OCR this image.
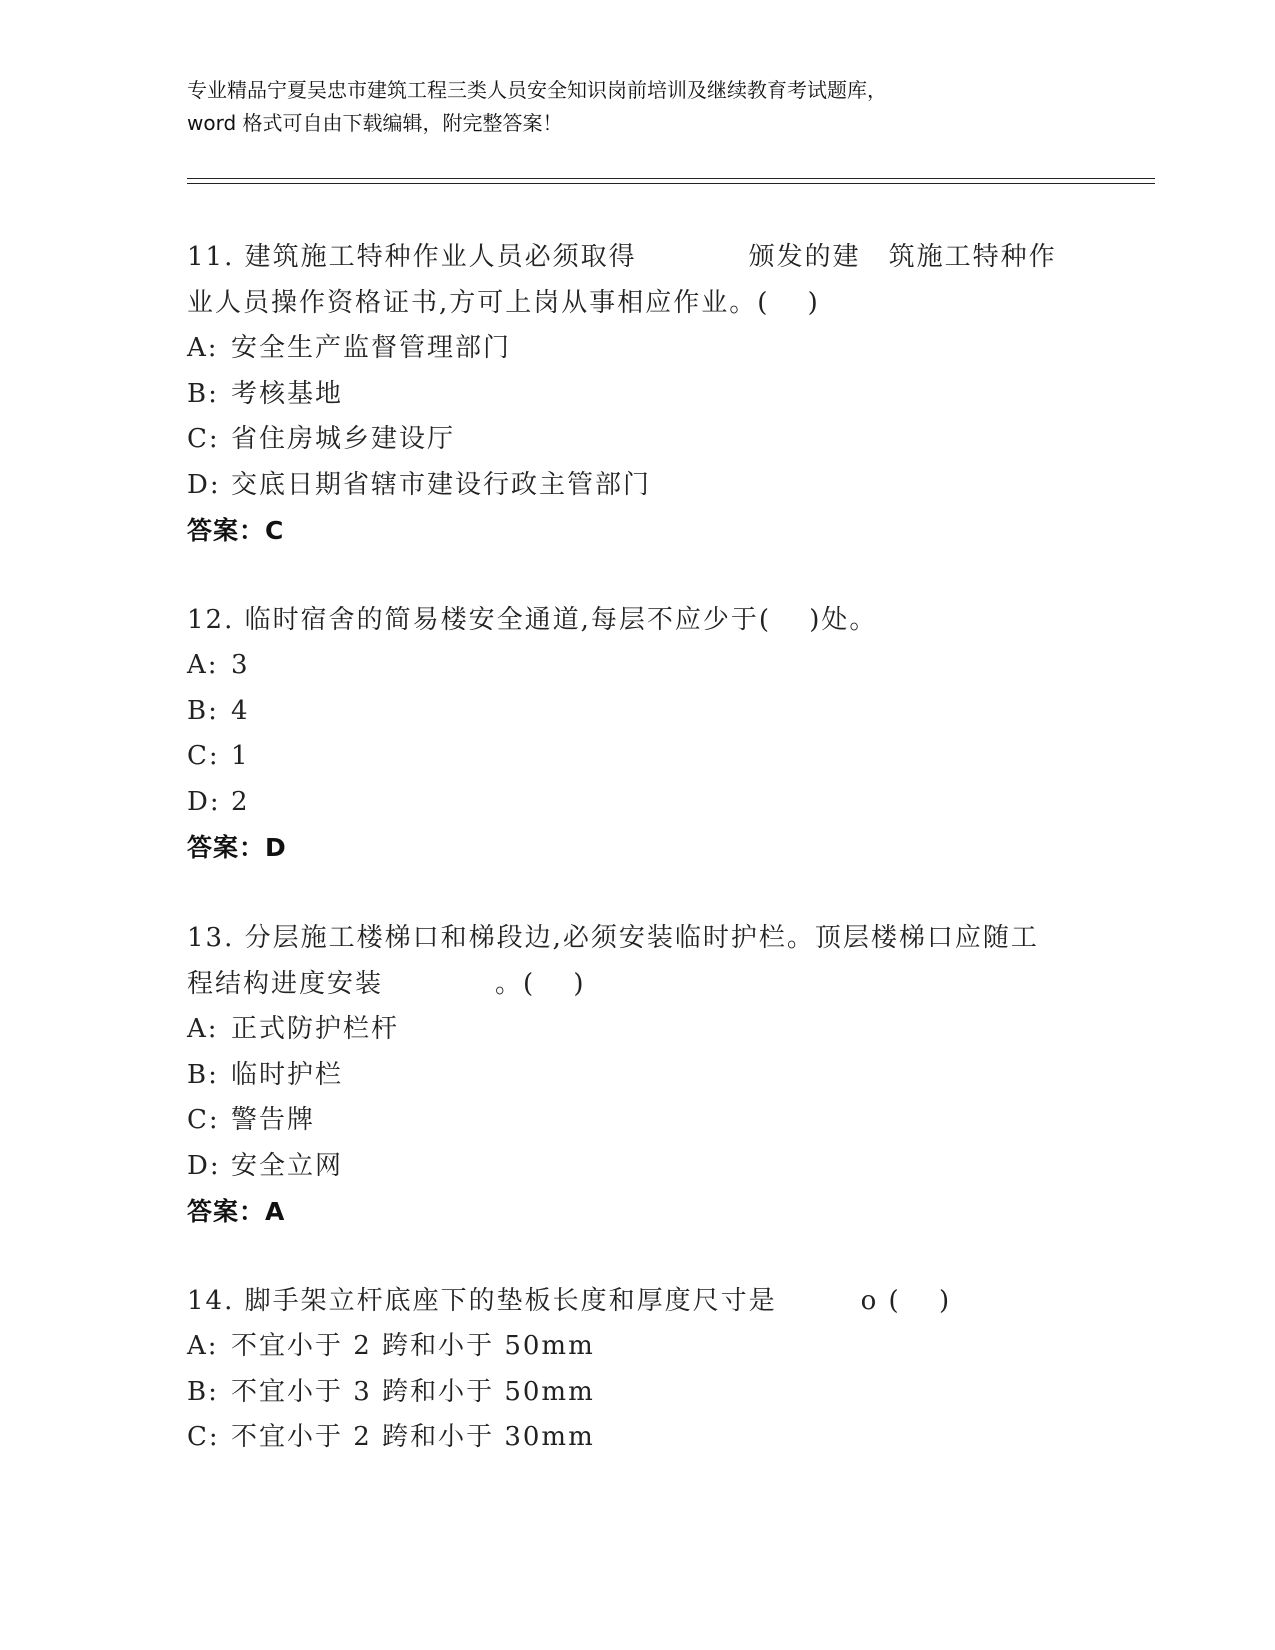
专业精品宁夏吴忠市建筑工程三类人员安全知识岗前培训及继续教育考试题库，
word 格式可自由下载编辑，附完整答案！
11. 建筑施工特种作业人员必须取得　　　　颁发的建　筑施工特种作
业人员操作资格证书,方可上岗从事相应作业。(　 )
A: 安全生产监督管理部门
B: 考核基地
C: 省住房城乡建设厅
D: 交底日期省辖市建设行政主管部门
答案：C
12. 临时宿舍的简易楼安全通道,每层不应少于(　 )处。
A: 3
B: 4
C: 1
D: 2
答案：D
13. 分层施工楼梯口和梯段边,必须安装临时护栏。顶层楼梯口应随工
程结构进度安装　　　　。(　 )
A: 正式防护栏杆
B: 临时护栏
C: 警告牌
D: 安全立网
答案：A
14. 脚手架立杆底座下的垫板长度和厚度尺寸是　　　o (　 )
A: 不宜小于 2 跨和小于 50mm
B: 不宜小于 3 跨和小于 50mm
C: 不宜小于 2 跨和小于 30mm
